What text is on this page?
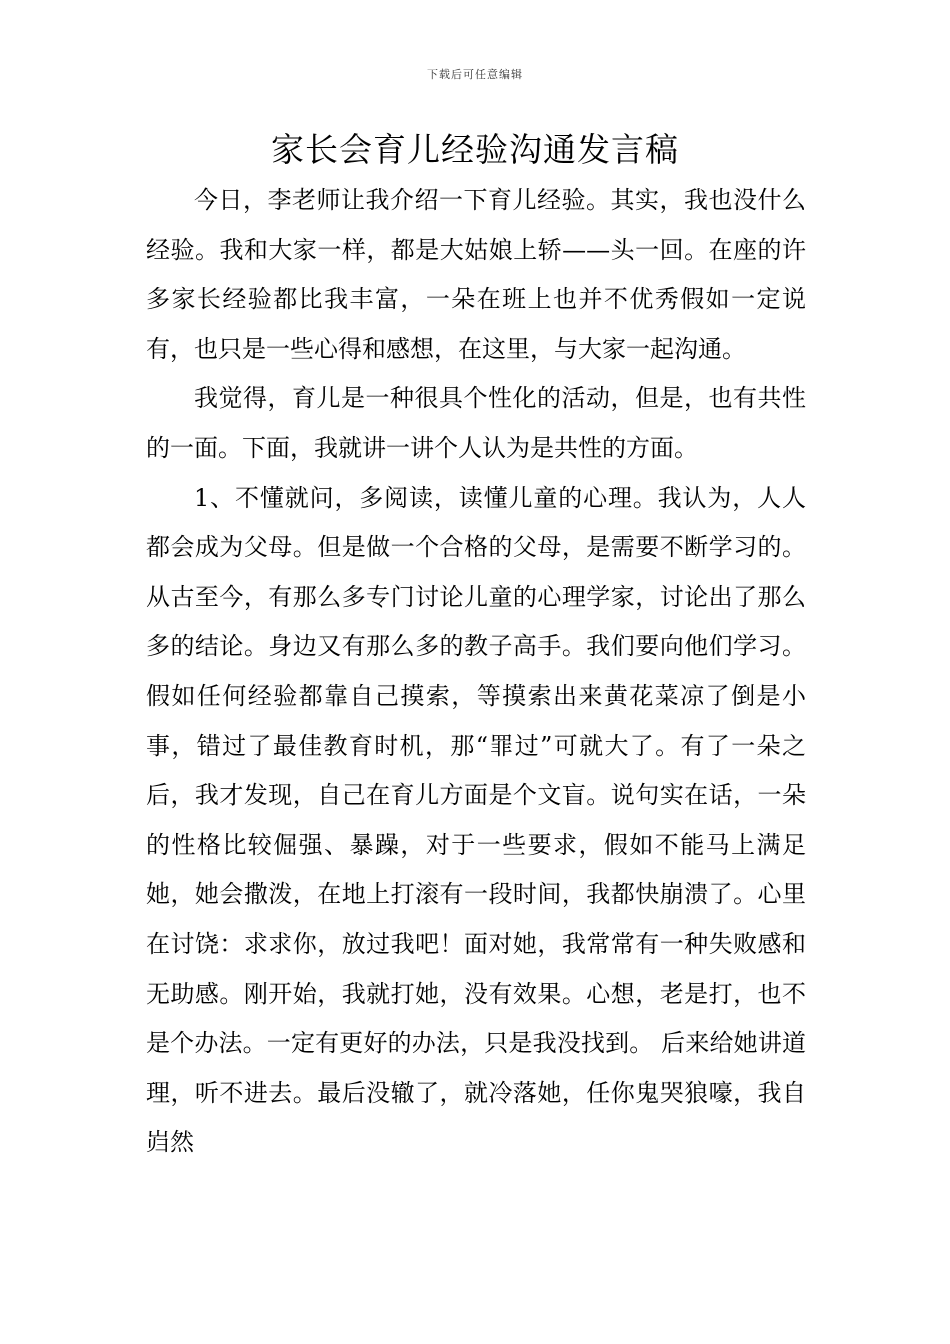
下载后可任意编辑
家长会育儿经验沟通发言稿

今日，李老师让我介绍一下育儿经验。其实，我也没什么经验。我和大家一样，都是大姑娘上轿——头一回。在座的许多家长经验都比我丰富，一朵在班上也并不优秀假如一定说有，也只是一些心得和感想，在这里，与大家一起沟通。

我觉得，育儿是一种很具个性化的活动，但是，也有共性的一面。下面，我就讲一讲个人认为是共性的方面。

1、不懂就问，多阅读，读懂儿童的心理。我认为，人人都会成为父母。但是做一个合格的父母，是需要不断学习的。从古至今，有那么多专门讨论儿童的心理学家，讨论出了那么多的结论。身边又有那么多的教子高手。我们要向他们学习。假如任何经验都靠自己摸索，等摸索出来黄花菜凉了倒是小事，错过了最佳教育时机，那“罪过”可就大了。有了一朵之后，我才发现，自己在育儿方面是个文盲。说句实在话，一朵的性格比较倔强、暴躁，对于一些要求，假如不能马上满足她，她会撒泼，在地上打滚有一段时间，我都快崩溃了。心里在讨饶：求求你，放过我吧！面对她，我常常有一种失败感和无助感。刚开始，我就打她，没有效果。心想，老是打，也不是个办法。一定有更好的办法，只是我没找到。 后来给她讲道理，听不进去。最后没辙了，就冷落她，任你鬼哭狼嚎，我自岿然
